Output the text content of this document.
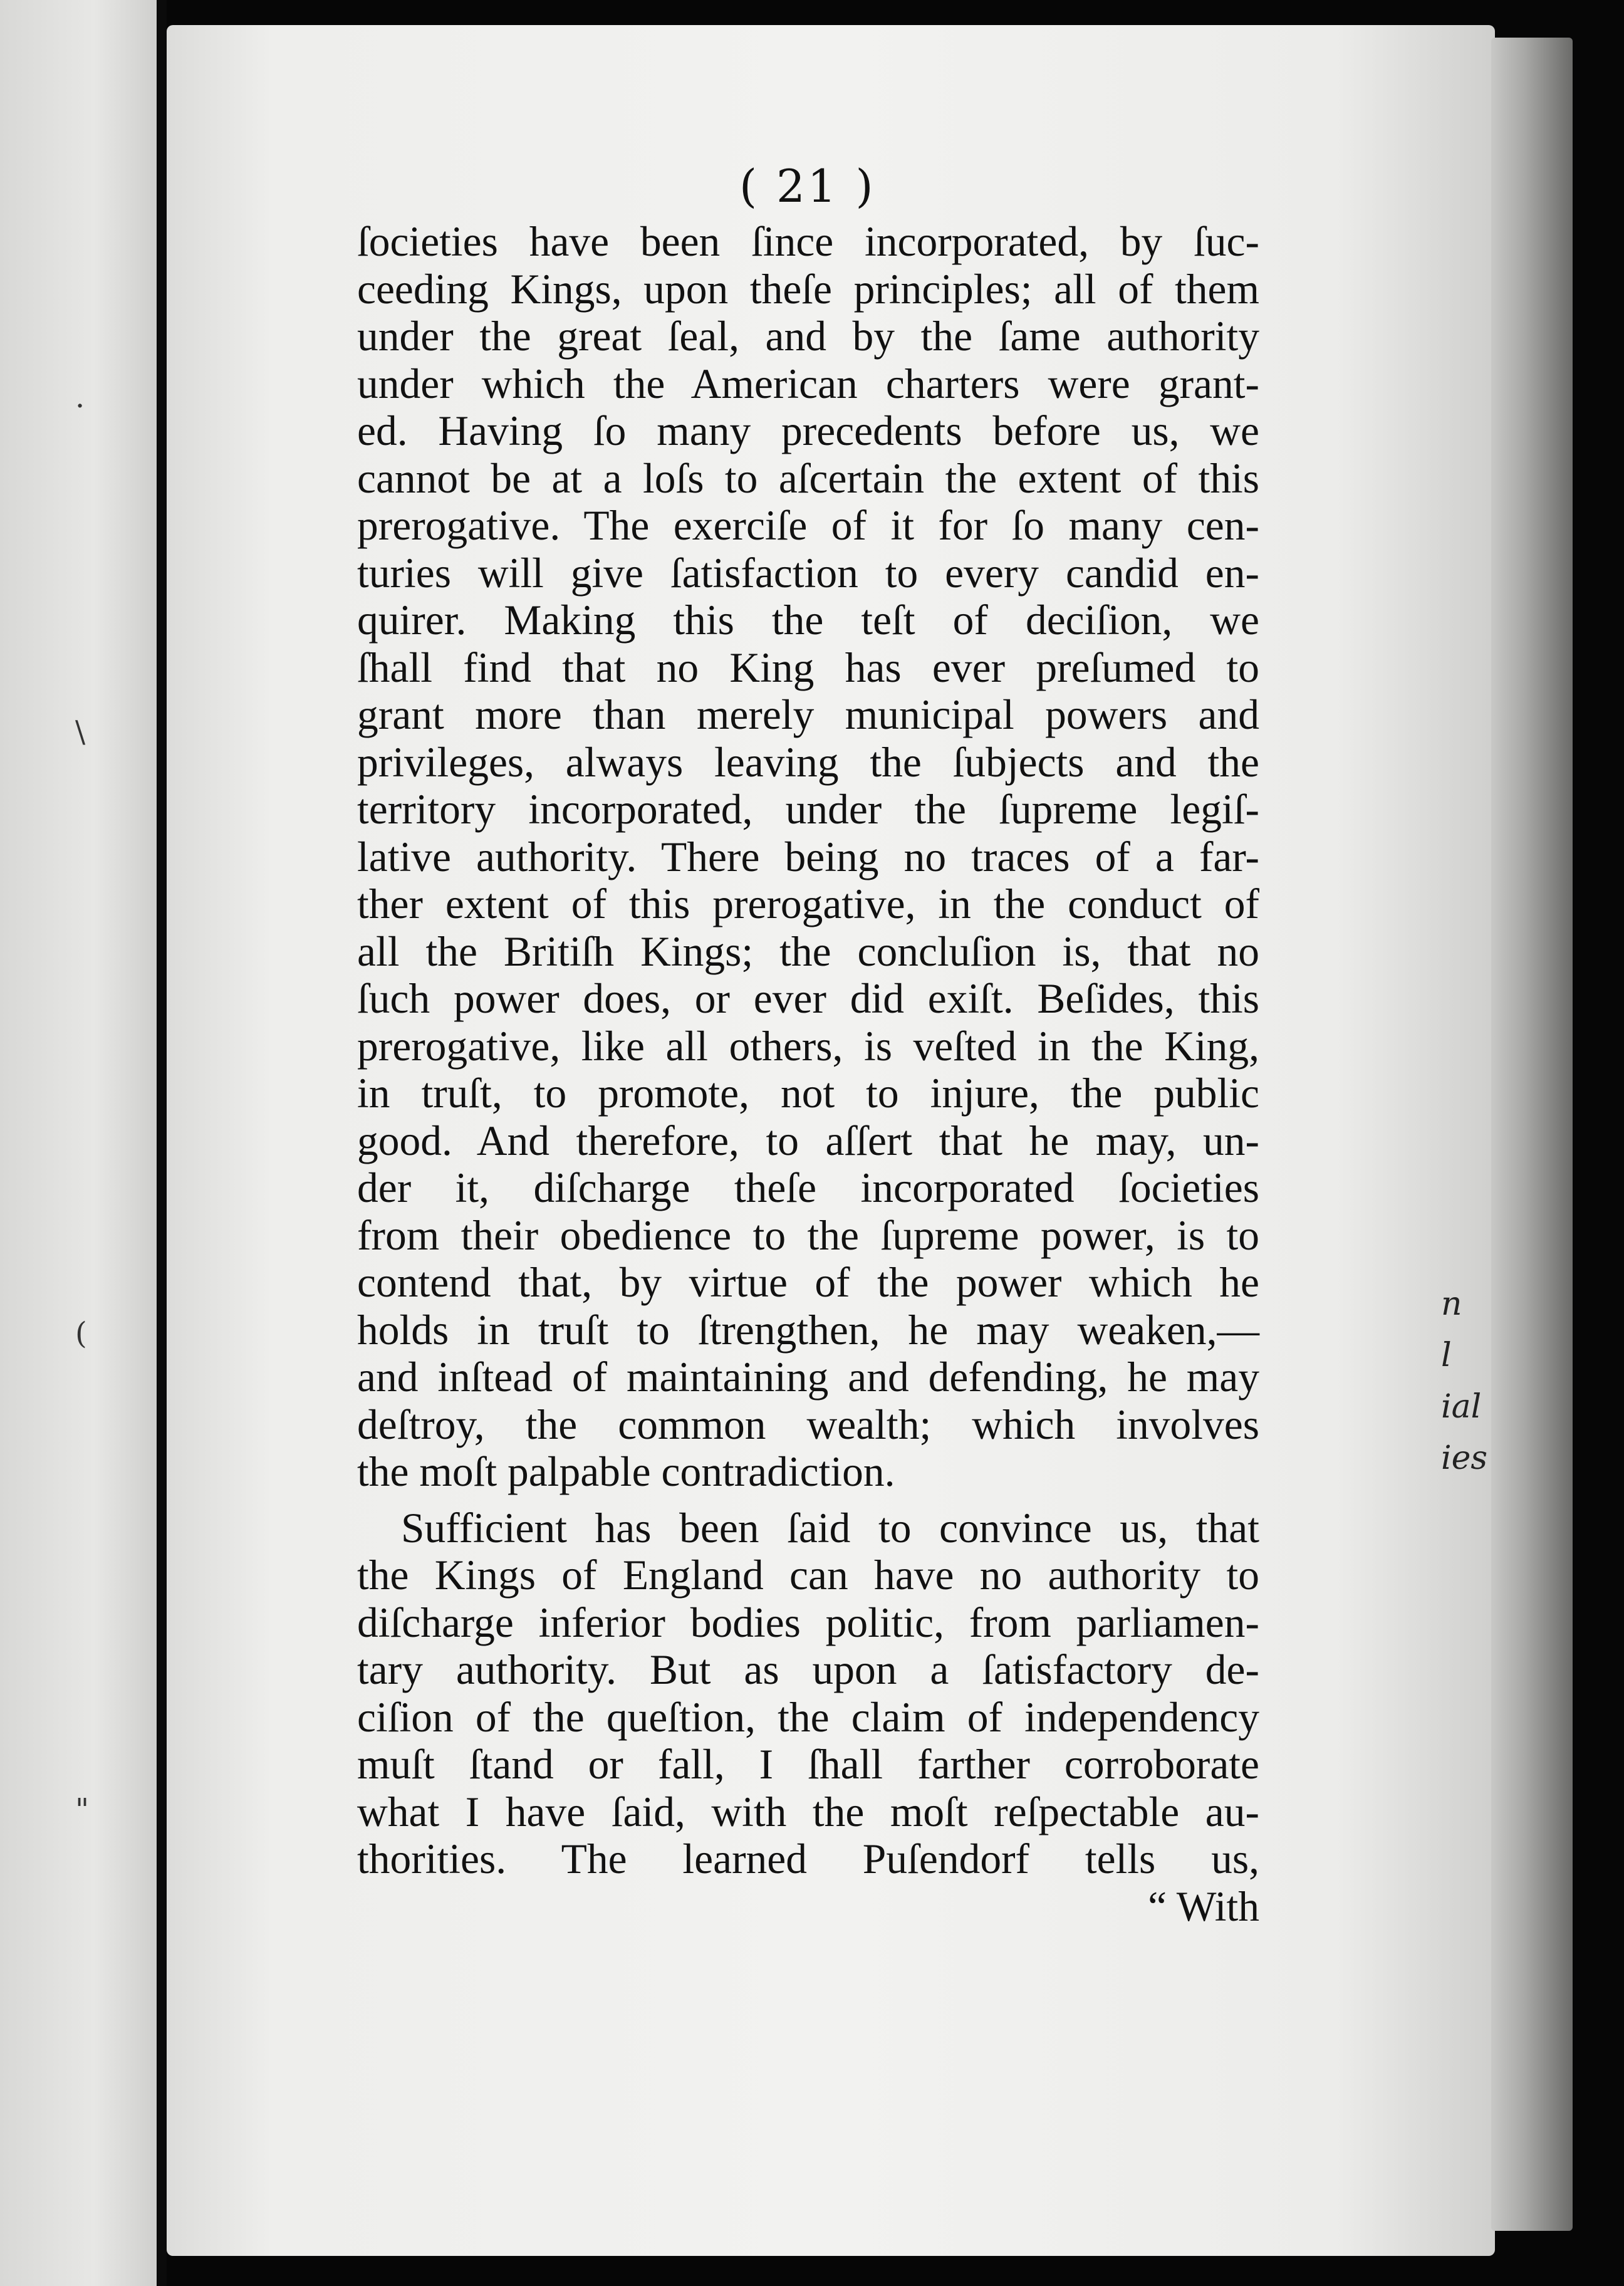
·
\
(
"
n
l
ial
ies
( 21 )
ſocieties have been ſince incorporated, by ſuc-
ceeding Kings, upon theſe principles; all of them
under the great ſeal, and by the ſame authority
under which the American charters were grant-
ed. Having ſo many precedents before us, we
cannot be at a loſs to aſcertain the extent of this
prerogative. The exerciſe of it for ſo many cen-
turies will give ſatisfaction to every candid en-
quirer. Making this the teſt of deciſion, we
ſhall find that no King has ever preſumed to
grant more than merely municipal powers and
privileges, always leaving the ſubjects and the
territory incorporated, under the ſupreme legiſ-
lative authority. There being no traces of a far-
ther extent of this prerogative, in the conduct of
all the Britiſh Kings; the concluſion is, that no
ſuch power does, or ever did exiſt. Beſides, this
prerogative, like all others, is veſted in the King,
in truſt, to promote, not to injure, the public
good. And therefore, to aſſert that he may, un-
der it, diſcharge theſe incorporated ſocieties
from their obedience to the ſupreme power, is to
contend that, by virtue of the power which he
holds in truſt to ſtrengthen, he may weaken,—
and inſtead of maintaining and defending, he may
deſtroy, the common wealth; which involves
the moſt palpable contradiction.
Sufficient has been ſaid to convince us, that
the Kings of England can have no authority to
diſcharge inferior bodies politic, from parliamen-
tary authority. But as upon a ſatisfactory de-
ciſion of the queſtion, the claim of independency
muſt ſtand or fall, I ſhall farther corroborate
what I have ſaid, with the moſt reſpectable au-
thorities. The learned Puſendorf tells us,
“ With
